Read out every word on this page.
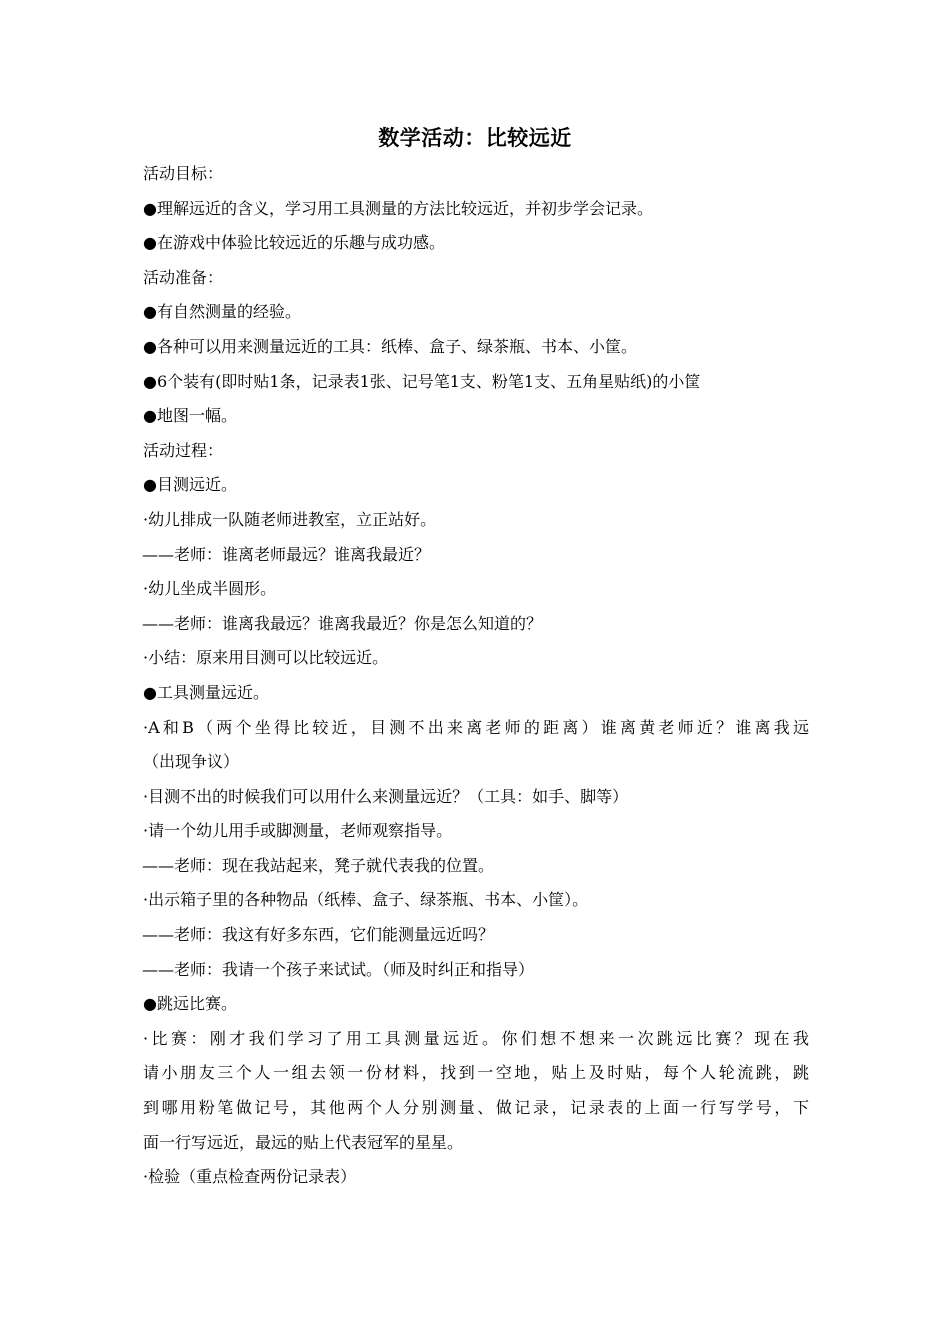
数学活动：比较远近
活动目标：
●理解远近的含义，学习用工具测量的方法比较远近，并初步学会记录。
●在游戏中体验比较远近的乐趣与成功感。
活动准备：
●有自然测量的经验。
●各种可以用来测量远近的工具：纸棒、盒子、绿茶瓶、书本、小筐。
●6个装有(即时贴1条，记录表1张、记号笔1支、粉笔1支、五角星贴纸)的小筐
●地图一幅。
活动过程：
●目测远近。
·幼儿排成一队随老师进教室，立正站好。
——老师：谁离老师最远？谁离我最近？
·幼儿坐成半圆形。
——老师：谁离我最远？谁离我最近？你是怎么知道的？
·小结：原来用目测可以比较远近。
●工具测量远近。
·A和B（两个坐得比较近，目测不出来离老师的距离）谁离黄老师近？谁离我远
（出现争议）
·目测不出的时候我们可以用什么来测量远近？（工具：如手、脚等）
·请一个幼儿用手或脚测量，老师观察指导。
——老师：现在我站起来，凳子就代表我的位置。
·出示箱子里的各种物品（纸棒、盒子、绿茶瓶、书本、小筐）。
——老师：我这有好多东西，它们能测量远近吗？
——老师：我请一个孩子来试试。（师及时纠正和指导）
●跳远比赛。
·比赛：刚才我们学习了用工具测量远近。你们想不想来一次跳远比赛？现在我
请小朋友三个人一组去领一份材料，找到一空地，贴上及时贴，每个人轮流跳，跳
到哪用粉笔做记号，其他两个人分别测量、做记录，记录表的上面一行写学号，下
面一行写远近，最远的贴上代表冠军的星星。
·检验（重点检查两份记录表）
